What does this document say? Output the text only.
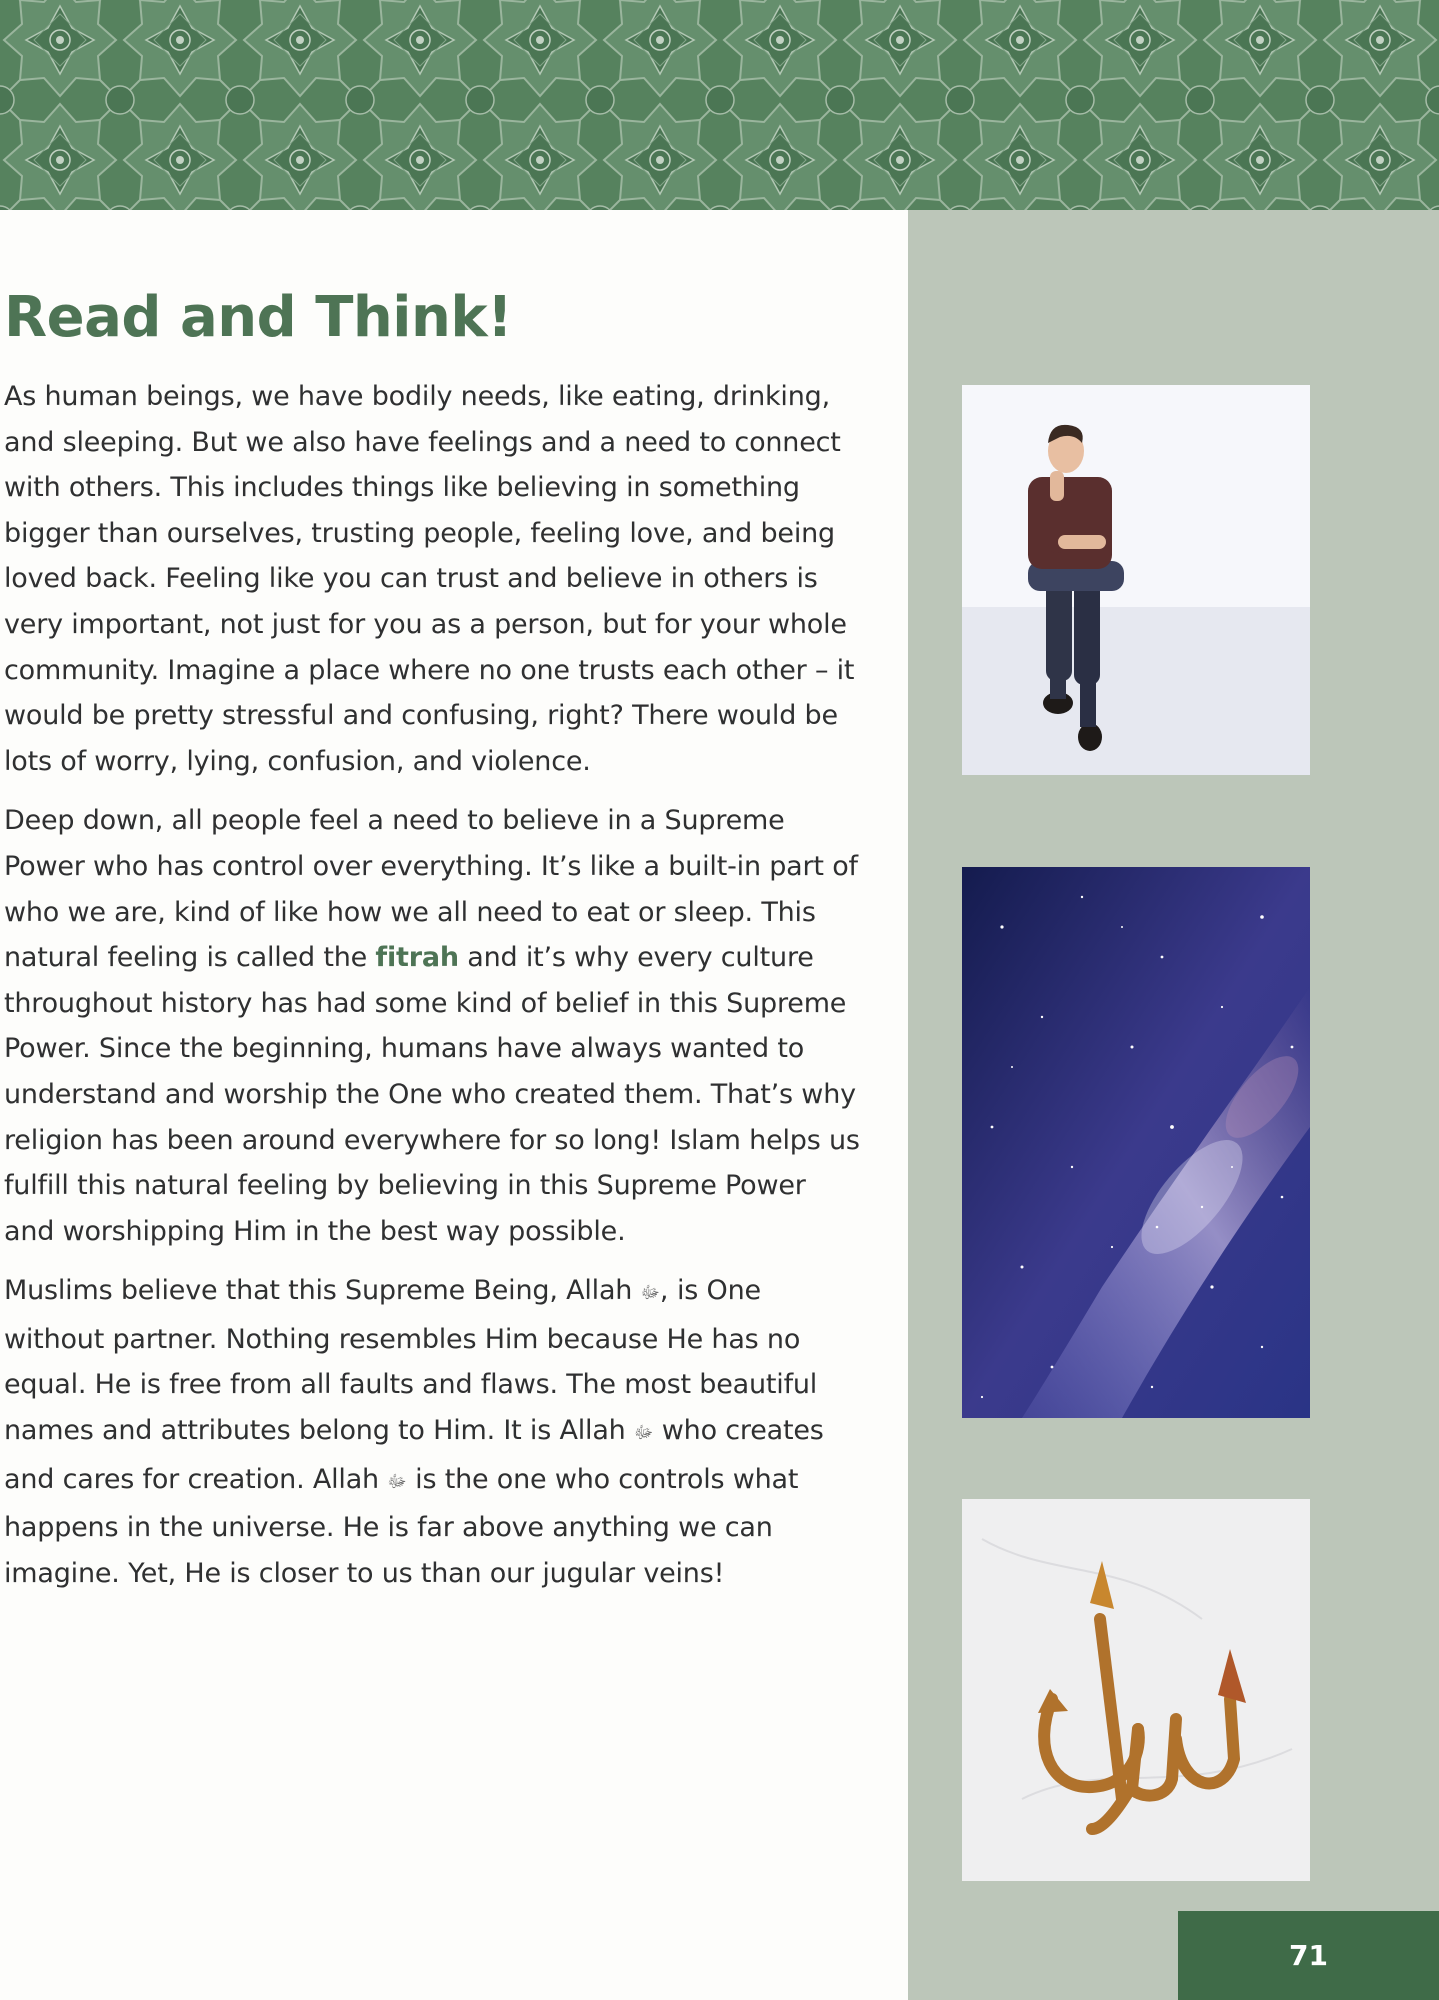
Read and Think!

As human beings, we have bodily needs, like eating, drinking, and sleeping. But we also have feelings and a need to connect with others. This includes things like believing in something bigger than ourselves, trusting people, feeling love, and being loved back. Feeling like you can trust and believe in others is very important, not just for you as a person, but for your whole community. Imagine a place where no one trusts each other – it would be pretty stressful and confusing, right? There would be lots of worry, lying, confusion, and violence.

Deep down, all people feel a need to believe in a Supreme Power who has control over everything. It’s like a built-in part of who we are, kind of like how we all need to eat or sleep. This natural feeling is called the fitrah and it’s why every culture throughout history has had some kind of belief in this Supreme Power. Since the beginning, humans have always wanted to understand and worship the One who created them. That’s why religion has been around everywhere for so long! Islam helps us fulfill this natural feeling by believing in this Supreme Power and worshipping Him in the best way possible.

Muslims believe that this Supreme Being, Allah ﷻ, is One without partner. Nothing resembles Him because He has no equal. He is free from all faults and flaws. The most beautiful names and attributes belong to Him. It is Allah ﷻ who creates and cares for creation. Allah ﷻ is the one who controls what happens in the universe. He is far above anything we can imagine. Yet, He is closer to us than our jugular veins!

71
